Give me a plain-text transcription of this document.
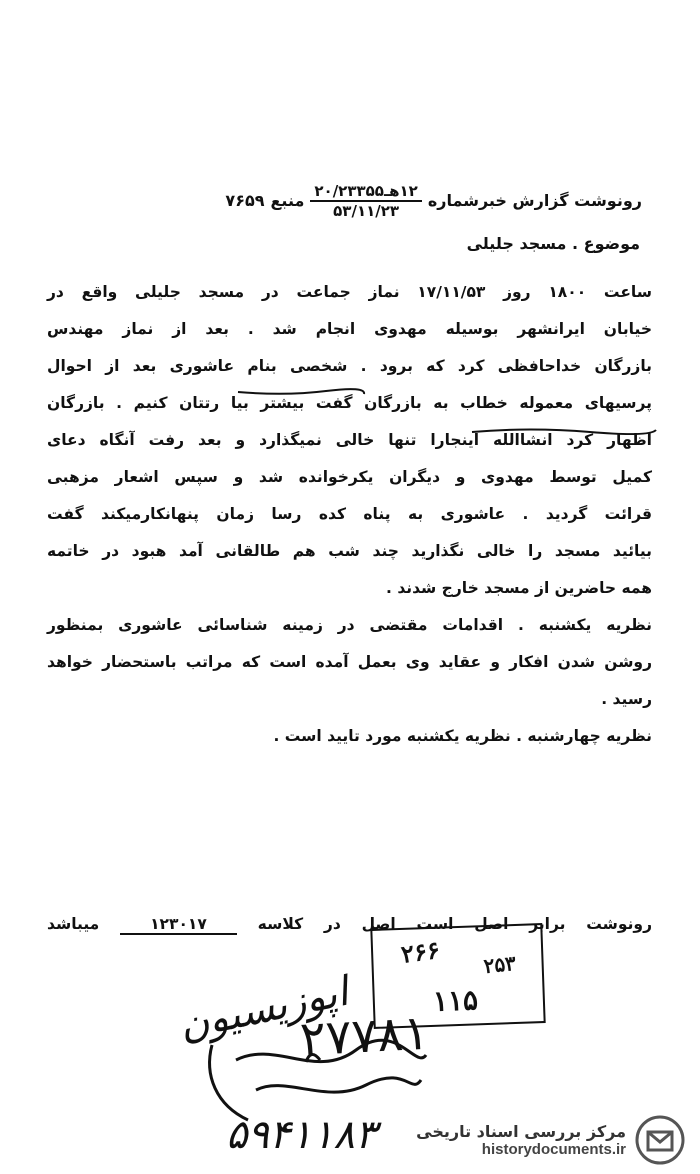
رونوشت گزارش خبرشماره
$\frac{\text{۱۲هـ۲۰/۲۳۳۵۵}}{۵۳/۱۱/۲۳}$
منبع
۷۶۵۹
موضوع . مسجد جلیلی
ساعت ۱۸۰۰ روز ۱۷/۱۱/۵۳ نماز جماعت در مسجد جلیلی واقع در
خیابان ایرانشهر بوسیله مهدوی انجام شد . بعد از نماز مهندس
بازرگان خداحافظی کرد که برود . شخصی بنام عاشوری بعد از احوال
پرسیهای معموله خطاب به بازرگان گفت بیشتر بیا رتتان کنیم . بازرگان
اظهار کرد انشاالله اینجارا تنها خالی نمیگذارد و بعد رفت آنگاه دعای
کمیل توسط مهدوی و دیگران یکرخوانده شد و سپس اشعار مزهبی
قرائت گردید . عاشوری به پناه کده رسا زمان پنهانکارمیکند گفت
بیائید مسجد را خالی نگذارید چند شب هم طالقانی آمد هبود در خاتمه
همه حاضرین از مسجد خارج شدند .
نظریه یکشنبه . اقدامات مقتضی در زمینه شناسائی عاشوری بمنظور
روشن شدن افکار و عقاید وی بعمل آمده است که مراتب باستحضار خواهد
رسید .
نظریه چهارشنبه . نظریه یکشنبه مورد تایید است .
رونوشت برابر اصل است اصل در کلاسه ۱۲۳۰۱۷ میباشد
۲۶۶ ۲۵۳
۱۱۵
۲۷۷۸۱
اپوزیسیون
۵۹۴۱۱۸۳ مرکز بررسی اسناد تاریخی
historydocuments.ir
